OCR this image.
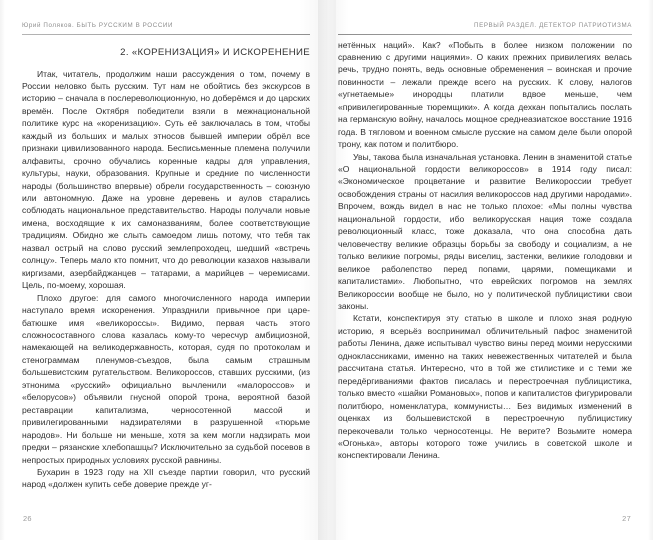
Юрий Поляков. БЫТЬ РУССКИМ В РОССИИ
2. «КОРЕНИЗАЦИЯ» И ИСКОРЕНЕНИЕ

Итак, читатель, продолжим наши рассуждения о том, почему в России неловко быть русским. Тут нам не обойтись без экскурсов в историю – сначала в послереволюционную, но доберёмся и до царских времён. После Октября победители взяли в межнациональной политике курс на «коренизацию». Суть её заключалась в том, чтобы каждый из больших и малых этносов бывшей империи обрёл все признаки цивилизованного народа. Бесписьменные племена получили алфавиты, срочно обучались коренные кадры для управления, культуры, науки, образования. Крупные и средние по численности народы (большинство впервые) обрели государственность – союзную или автономную. Даже на уровне деревень и аулов старались соблюдать национальное представительство. Народы получали новые имена, восходящие к их самоназваниям, более соответствующие традициям. Обидно же слыть самоедом лишь потому, что тебя так назвал острый на слово русский землепроходец, шедший «встречь солнцу». Теперь мало кто помнит, что до революции казахов называли киргизами, азербайджанцев – татарами, а марийцев – черемисами. Цель, по-моему, хорошая.

Плохо другое: для самого многочисленного народа империи наступало время искоренения. Упразднили привычное при царе-батюшке имя «великороссы». Видимо, первая часть этого сложносоставного слова казалась кому-то чересчур амбициозной, намекающей на великодержавность, которая, судя по протоколам и стенограммам пленумов-съездов, была самым страшным большевистским ругательством. Великороссов, ставших русскими, (из этнонима «русский» официально вычленили «малороссов» и «белорусов») объявили гнусной опорой трона, вероятной базой реставрации капитализма, черносотенной массой и привилегированными надзирателями в разрушенной «тюрьме народов». Ни больше ни меньше, хотя за кем могли надзирать мои предки – рязанские хлебопашцы? Исключительно за судьбой посевов в непростых природных условиях русской равнины.

Бухарин в 1923 году на XII съезде партии говорил, что русский народ «должен купить себе доверие прежде уг-

26
ПЕРВЫЙ РАЗДЕЛ. ДЕТЕКТОР ПАТРИОТИЗМА

нетённых наций». Как? «Побыть в более низком положении по сравнению с другими нациями». О каких прежних привилегиях велась речь, трудно понять, ведь основные обременения – воинская и прочие повинности – лежали прежде всего на русских. К слову, налогов «угнетаемые» инородцы платили вдвое меньше, чем «привилегированные тюремщики». А когда дехкан попытались послать на германскую войну, началось мощное среднеазиатское восстание 1916 года. В тягловом и военном смысле русские на самом деле были опорой трону, как потом и политбюро.

Увы, такова была изначальная установка. Ленин в знаменитой статье «О национальной гордости великороссов» в 1914 году писал: «Экономическое процветание и развитие Великороссии требует освобождения страны от насилия великороссов над другими народами». Впрочем, вождь видел в нас не только плохое: «Мы полны чувства национальной гордости, ибо великорусская нация тоже создала революционный класс, тоже доказала, что она способна дать человечеству великие образцы борьбы за свободу и социализм, а не только великие погромы, ряды виселиц, застенки, великие голодовки и великое раболепство перед попами, царями, помещиками и капиталистами». Любопытно, что еврейских погромов на землях Великороссии вообще не было, но у политической публицистики свои законы.

Кстати, конспектируя эту статью в школе и плохо зная родную историю, я всерьёз воспринимал обличительный пафос знаменитой работы Ленина, даже испытывал чувство вины перед моими нерусскими одноклассниками, именно на таких невежественных читателей и была рассчитана статья. Интересно, что в той же стилистике и с теми же передёргиваниями фактов писалась и перестроечная публицистика, только вместо «шайки Романовых», попов и капиталистов фигурировали политбюро, номенклатура, коммунисты… Без видимых изменений в оценках из большевистской в перестроечную публицистику перекочевали только черносотенцы. Не верите? Возьмите номера «Огонька», авторы которого тоже учились в советской школе и конспектировали Ленина.

27
